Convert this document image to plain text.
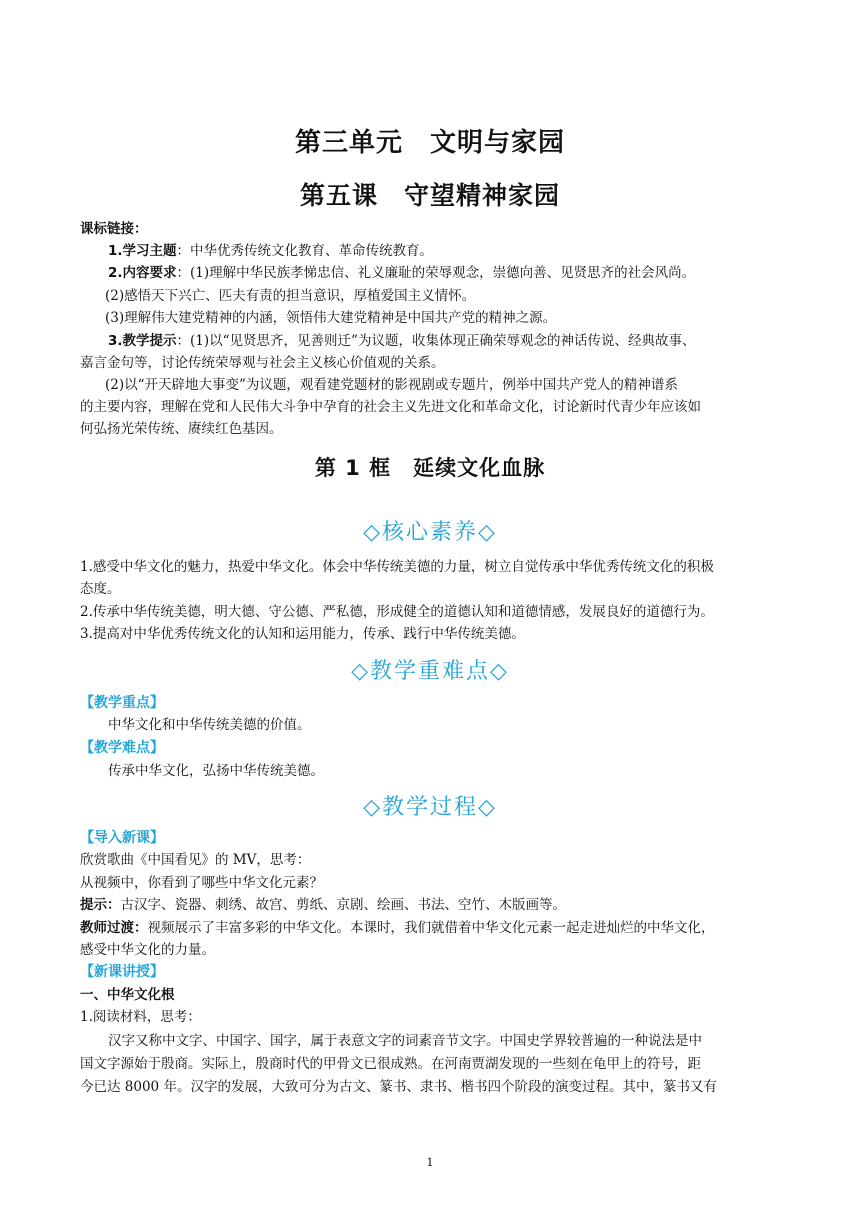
第三单元　文明与家园
第五课　守望精神家园
课标链接：
1.学习主题：中华优秀传统文化教育、革命传统教育。
2.内容要求：(1)理解中华民族孝悌忠信、礼义廉耻的荣辱观念，崇德向善、见贤思齐的社会风尚。
(2)感悟天下兴亡、匹夫有责的担当意识，厚植爱国主义情怀。
(3)理解伟大建党精神的内涵，领悟伟大建党精神是中国共产党的精神之源。
3.教学提示：(1)以“见贤思齐，见善则迁”为议题，收集体现正确荣辱观念的神话传说、经典故事、
嘉言金句等，讨论传统荣辱观与社会主义核心价值观的关系。
(2)以“开天辟地大事变”为议题，观看建党题材的影视剧或专题片，例举中国共产党人的精神谱系
的主要内容，理解在党和人民伟大斗争中孕育的社会主义先进文化和革命文化，讨论新时代青少年应该如
何弘扬光荣传统、赓续红色基因。
第 1 框　延续文化血脉
◇核心素养◇
1.感受中华文化的魅力，热爱中华文化。体会中华传统美德的力量，树立自觉传承中华优秀传统文化的积极
态度。
2.传承中华传统美德，明大德、守公德、严私德，形成健全的道德认知和道德情感，发展良好的道德行为。
3.提高对中华优秀传统文化的认知和运用能力，传承、践行中华传统美德。
◇教学重难点◇
【教学重点】
中华文化和中华传统美德的价值。
【教学难点】
传承中华文化，弘扬中华传统美德。
◇教学过程◇
【导入新课】
欣赏歌曲《中国看见》的 MV，思考：
从视频中，你看到了哪些中华文化元素？
提示：古汉字、瓷器、刺绣、故宫、剪纸、京剧、绘画、书法、空竹、木版画等。
教师过渡：视频展示了丰富多彩的中华文化。本课时，我们就借着中华文化元素一起走进灿烂的中华文化，
感受中华文化的力量。
【新课讲授】
一、中华文化根
1.阅读材料，思考：
汉字又称中文字、中国字、国字，属于表意文字的词素音节文字。中国史学界较普遍的一种说法是中
国文字源始于殷商。实际上，殷商时代的甲骨文已很成熟。在河南贾湖发现的一些刻在龟甲上的符号，距
今已达 8000 年。汉字的发展，大致可分为古文、篆书、隶书、楷书四个阶段的演变过程。其中，篆书又有
1
